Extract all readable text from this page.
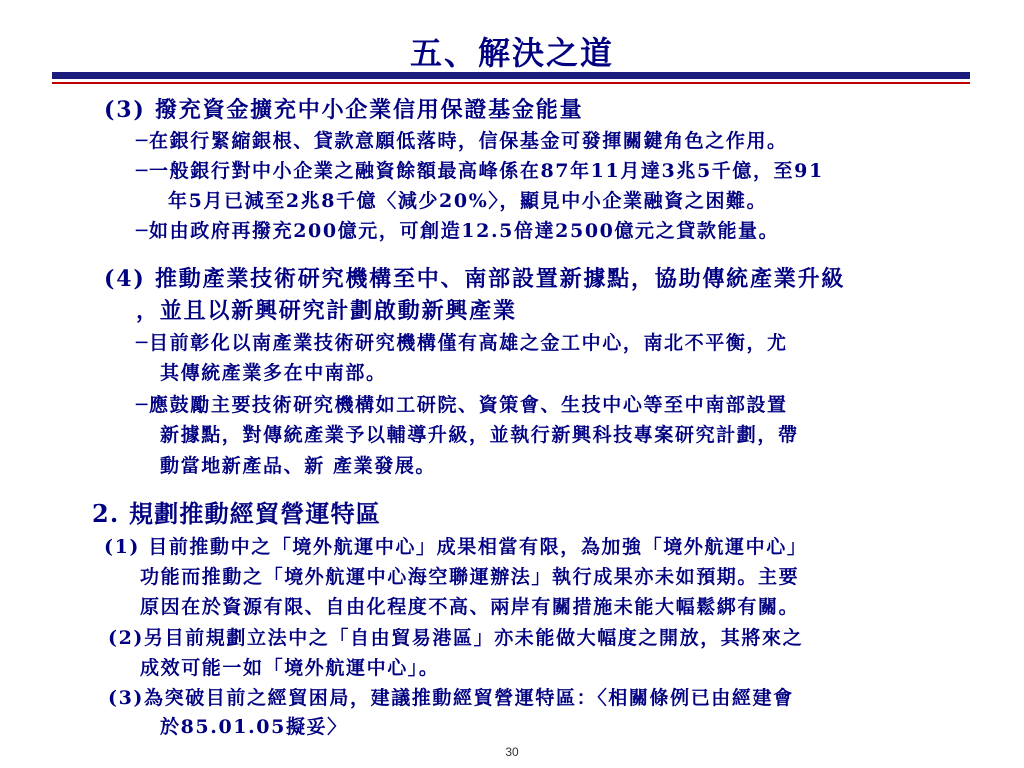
五、解決之道
(3) 撥充資金擴充中小企業信用保證基金能量
─在銀行緊縮銀根、貸款意願低落時，信保基金可發揮關鍵角色之作用。
─一般銀行對中小企業之融資餘額最高峰係在87年11月達3兆5千億，至91
年5月已減至2兆8千億〈減少20%〉，顯見中小企業融資之困難。
─如由政府再撥充200億元，可創造12.5倍達2500億元之貸款能量。
(4) 推動產業技術研究機構至中、南部設置新據點，協助傳統產業升級
，並且以新興研究計劃啟動新興產業
─目前彰化以南產業技術研究機構僅有高雄之金工中心，南北不平衡，尤
其傳統產業多在中南部。
─應鼓勵主要技術研究機構如工研院、資策會、生技中心等至中南部設置
新據點，對傳統產業予以輔導升級，並執行新興科技專案研究計劃，帶
動當地新產品、新 產業發展。
2. 規劃推動經貿營運特區
(1) 目前推動中之「境外航運中心」成果相當有限，為加強「境外航運中心」
功能而推動之「境外航運中心海空聯運辦法」執行成果亦未如預期。主要
原因在於資源有限、自由化程度不高、兩岸有關措施未能大幅鬆綁有關。
(2)另目前規劃立法中之「自由貿易港區」亦未能做大幅度之開放，其將來之
成效可能一如「境外航運中心」。
(3)為突破目前之經貿困局，建議推動經貿營運特區：〈相關條例已由經建會
於85.01.05擬妥〉
30
